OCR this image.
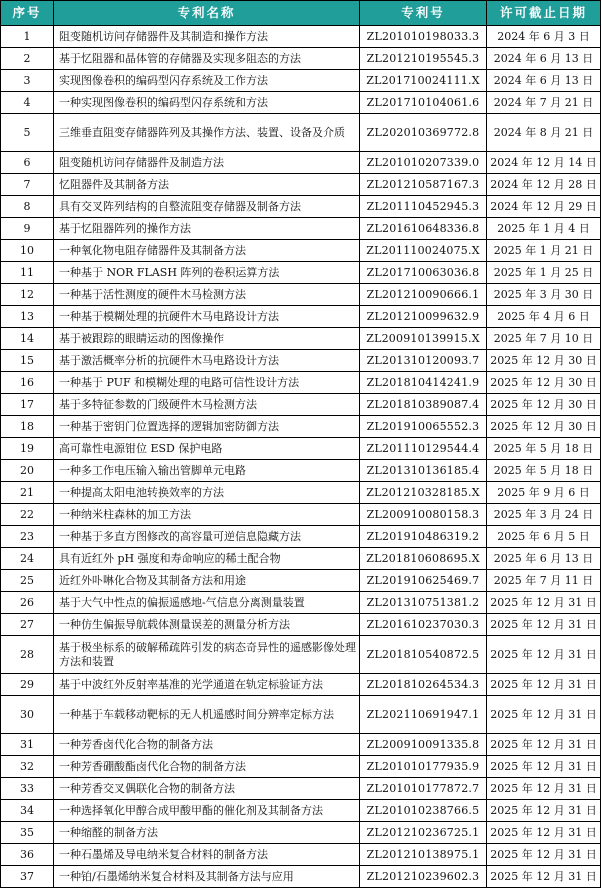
序号	专利名称	专利号	许可截止日期
1	阻变随机访问存储器件及其制造和操作方法	ZL201010198033.3	2024 年 6 月 3 日
2	基于忆阻器和晶体管的存储器及实现多阻态的方法	ZL201210195545.3	2024 年 6 月 13 日
3	实现图像卷积的编码型闪存系统及工作方法	ZL201710024111.X	2024 年 6 月 13 日
4	一种实现图像卷积的编码型闪存系统和方法	ZL201710104061.6	2024 年 7 月 21 日
5	三维垂直阻变存储器阵列及其操作方法、装置、设备及介质	ZL202010369772.8	2024 年 8 月 21 日
6	阻变随机访问存储器件及制造方法	ZL201010207339.0	2024 年 12 月 14 日
7	忆阻器件及其制备方法	ZL201210587167.3	2024 年 12 月 28 日
8	具有交叉阵列结构的自整流阻变存储器及制备方法	ZL201110452945.3	2024 年 12 月 29 日
9	基于忆阻器阵列的操作方法	ZL201610648336.8	2025 年 1 月 4 日
10	一种氧化物电阻存储器件及其制备方法	ZL201110024075.X	2025 年 1 月 21 日
11	一种基于 NOR FLASH 阵列的卷积运算方法	ZL201710063036.8	2025 年 1 月 25 日
12	一种基于活性测度的硬件木马检测方法	ZL201210090666.1	2025 年 3 月 30 日
13	一种基于模糊处理的抗硬件木马电路设计方法	ZL201210099632.9	2025 年 4 月 6 日
14	基于被跟踪的眼睛运动的图像操作	ZL200910139915.X	2025 年 7 月 10 日
15	基于激活概率分析的抗硬件木马电路设计方法	ZL201310120093.7	2025 年 12 月 30 日
16	一种基于 PUF 和模糊处理的电路可信性设计方法	ZL201810414241.9	2025 年 12 月 30 日
17	基于多特征参数的门级硬件木马检测方法	ZL201810389087.4	2025 年 12 月 30 日
18	一种基于密钥门位置选择的逻辑加密防御方法	ZL201910065552.3	2025 年 12 月 30 日
19	高可靠性电源钳位 ESD 保护电路	ZL201110129544.4	2025 年 5 月 18 日
20	一种多工作电压输入输出管脚单元电路	ZL201310136185.4	2025 年 5 月 18 日
21	一种提高太阳电池转换效率的方法	ZL201210328185.X	2025 年 9 月 6 日
22	一种纳米柱森林的加工方法	ZL200910080158.3	2025 年 3 月 24 日
23	一种基于多直方图修改的高容量可逆信息隐藏方法	ZL201910486319.2	2025 年 6 月 5 日
24	具有近红外 pH 强度和寿命响应的稀土配合物	ZL201810608695.X	2025 年 6 月 13 日
25	近红外卟啉化合物及其制备方法和用途	ZL201910625469.7	2025 年 7 月 11 日
26	基于大气中性点的偏振遥感地-气信息分离测量装置	ZL201310751381.2	2025 年 12 月 31 日
27	一种仿生偏振导航载体测量误差的测量分析方法	ZL201610237030.3	2025 年 12 月 31 日
28	基于极坐标系的破解稀疏阵引发的病态奇异性的遥感影像处理方法和装置	ZL201810540872.5	2025 年 12 月 31 日
29	基于中波红外反射率基准的光学通道在轨定标验证方法	ZL201810264534.3	2025 年 12 月 31 日
30	一种基于车载移动靶标的无人机遥感时间分辨率定标方法	ZL202110691947.1	2025 年 12 月 31 日
31	一种芳香卤代化合物的制备方法	ZL200910091335.8	2025 年 12 月 31 日
32	一种芳香硼酸酯卤代化合物的制备方法	ZL201010177935.9	2025 年 12 月 31 日
33	一种芳香交叉偶联化合物的制备方法	ZL201010177872.7	2025 年 12 月 31 日
34	一种选择氧化甲醇合成甲酸甲酯的催化剂及其制备方法	ZL201010238766.5	2025 年 12 月 31 日
35	一种缩醛的制备方法	ZL201210236725.1	2025 年 12 月 31 日
36	一种石墨烯及导电纳米复合材料的制备方法	ZL201210138975.1	2025 年 12 月 31 日
37	一种铂/石墨烯纳米复合材料及其制备方法与应用	ZL201210239602.3	2025 年 12 月 31 日
